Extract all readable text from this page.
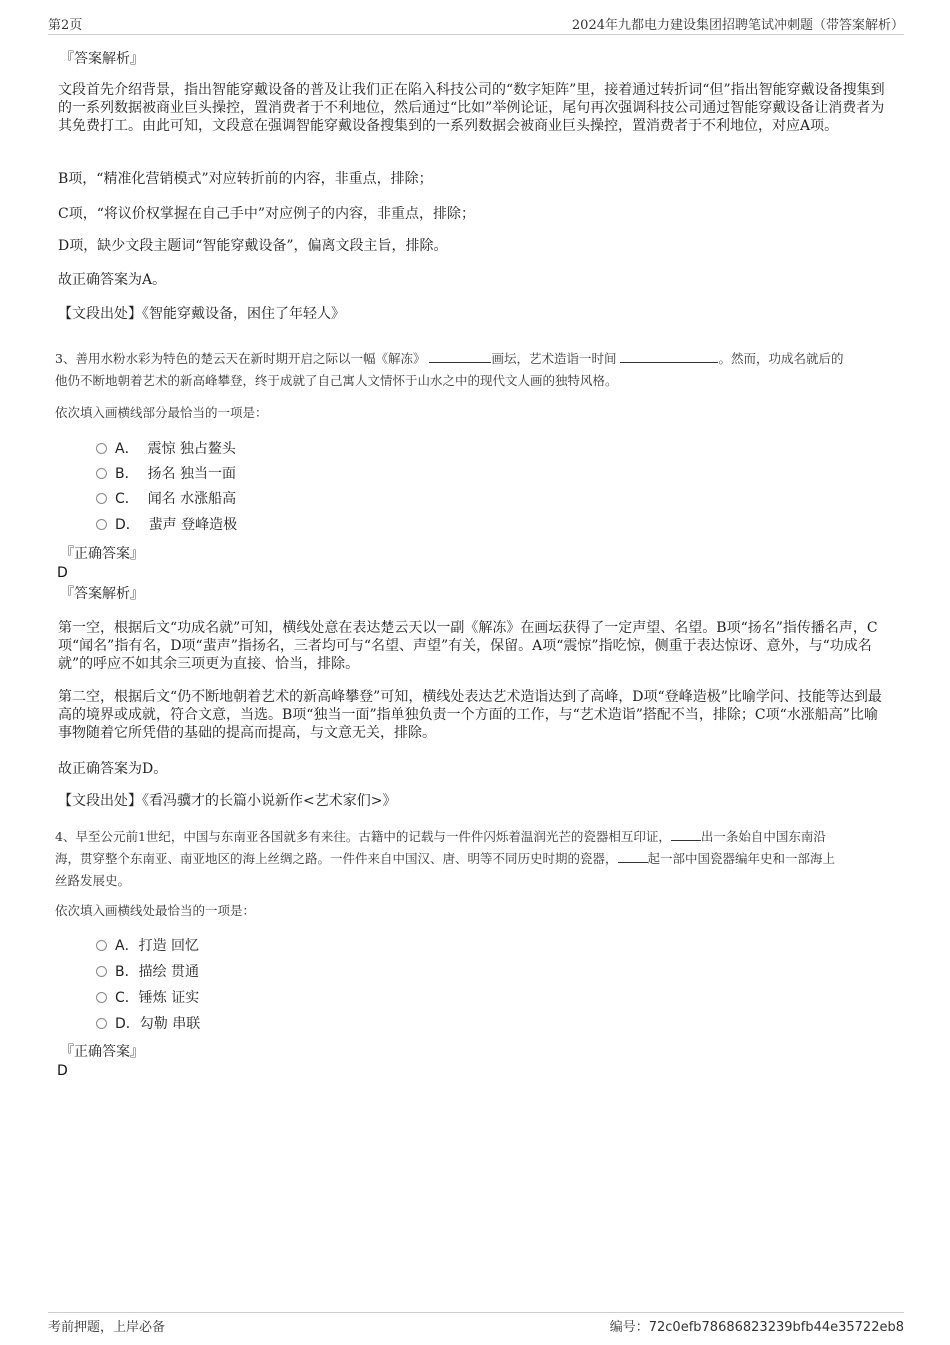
第2页	2024年九都电力建设集团招聘笔试冲刺题（带答案解析）
『答案解析』

文段首先介绍背景，指出智能穿戴设备的普及让我们正在陷入科技公司的“数字矩阵”里，接着通过转折词“但”指出智能穿戴设备搜集到的一系列数据被商业巨头操控，置消费者于不利地位，然后通过“比如”举例论证，尾句再次强调科技公司通过智能穿戴设备让消费者为其免费打工。由此可知，文段意在强调智能穿戴设备搜集到的一系列数据会被商业巨头操控，置消费者于不利地位，对应A项。

B项，“精准化营销模式”对应转折前的内容，非重点，排除；

C项，“将议价权掌握在自己手中”对应例子的内容，非重点，排除；

D项，缺少文段主题词“智能穿戴设备”，偏离文段主旨，排除。

故正确答案为A。

【文段出处】《智能穿戴设备，困住了年轻人》

3、善用水粉水彩为特色的楚云天在新时期开启之际以一幅《解冻》	画坛，艺术造诣一时间	。然而，功成名就后的
他仍不断地朝着艺术的新高峰攀登，终于成就了自己寓人文情怀于山水之中的现代文人画的独特风格。
依次填入画横线部分最恰当的一项是：
A． 震惊 独占鳌头
B． 扬名 独当一面
C． 闻名 水涨船高
D． 蜚声 登峰造极
『正确答案』
D
『答案解析』

第一空，根据后文“功成名就”可知，横线处意在表达楚云天以一副《解冻》在画坛获得了一定声望、名望。B项“扬名”指传播名声，C项“闻名”指有名，D项“蜚声”指扬名，三者均可与“名望、声望”有关，保留。A项“震惊”指吃惊，侧重于表达惊讶、意外，与“功成名就”的呼应不如其余三项更为直接、恰当，排除。

第二空，根据后文“仍不断地朝着艺术的新高峰攀登”可知，横线处表达艺术造诣达到了高峰，D项“登峰造极”比喻学问、技能等达到最高的境界或成就，符合文意，当选。B项“独当一面”指单独负责一个方面的工作，与“艺术造诣”搭配不当，排除；C项“水涨船高”比喻事物随着它所凭借的基础的提高而提高，与文意无关，排除。

故正确答案为D。

【文段出处】《看冯骥才的长篇小说新作<艺术家们>》

4、早至公元前1世纪，中国与东南亚各国就多有来往。古籍中的记载与一件件闪烁着温润光芒的瓷器相互印证， 出一条始自中国东南沿
海，贯穿整个东南亚、南亚地区的海上丝绸之路。一件件来自中国汉、唐、明等不同历史时期的瓷器， 起一部中国瓷器编年史和一部海上
丝路发展史。
依次填入画横线处最恰当的一项是：
A．打造 回忆
B．描绘 贯通
C．锤炼 证实
D．勾勒 串联
『正确答案』
D
考前押题，上岸必备	编号：72c0efb78686823239bfb44e35722eb8
